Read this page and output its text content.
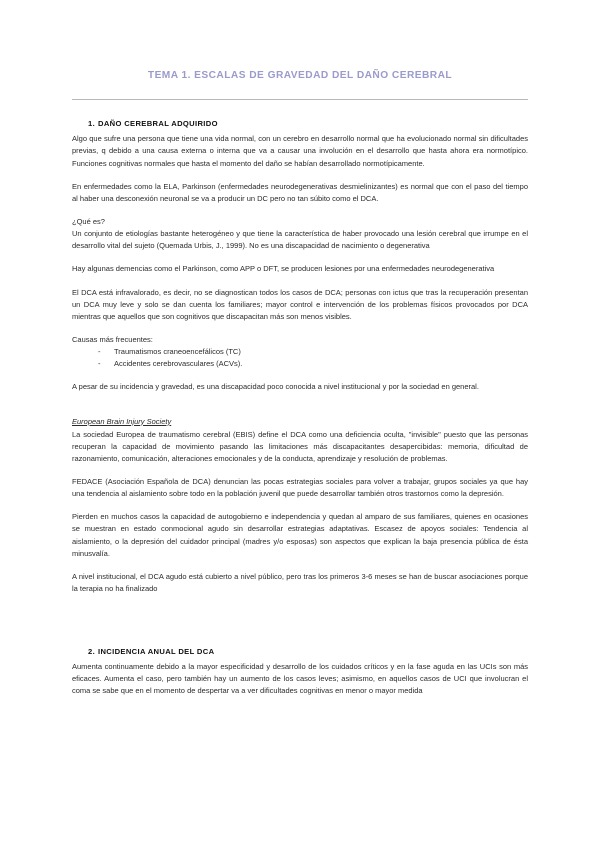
TEMA 1. ESCALAS DE GRAVEDAD DEL DAÑO CEREBRAL
1. DAÑO CEREBRAL ADQUIRIDO

Algo que sufre una persona que tiene una vida normal, con un cerebro en desarrollo normal que ha evolucionado normal sin dificultades previas, q debido a una causa externa o interna que va a causar una involución en el desarrollo que hasta ahora era normotípico. Funciones cognitivas normales que hasta el momento del daño se habían desarrollado normotípicamente.

En enfermedades como la ELA, Parkinson (enfermedades neurodegenerativas desmielinizantes) es normal que con el paso del tiempo al haber una desconexión neuronal se va a producir un DC pero no tan súbito como el DCA.

¿Qué es?

Un conjunto de etiologías bastante heterogéneo y que tiene la característica de haber provocado una lesión cerebral que irrumpe en el desarrollo vital del sujeto (Quemada Urbis, J., 1999). No es una discapacidad de nacimiento o degenerativa

Hay algunas demencias como el Parkinson, como APP o DFT, se producen lesiones por una enfermedades neurodegenerativa

El DCA está infravalorado, es decir, no se diagnostican todos los casos de DCA; personas con ictus que tras la recuperación presentan un DCA muy leve y solo se dan cuenta los familiares; mayor control e intervención de los problemas físicos provocados por DCA mientras que aquellos que son cognitivos que discapacitan más son menos visibles.

Causas más frecuentes:

-	Traumatismos craneoencefálicos (TC)
-	Accidentes cerebrovasculares (ACVs).

A pesar de su incidencia y gravedad, es una discapacidad poco conocida a nivel institucional y por la sociedad en general.

European Brain Injury Society

La sociedad Europea de traumatismo cerebral (EBIS) define el DCA como una deficiencia oculta, "invisible" puesto que las personas recuperan la capacidad de movimiento pasando las limitaciones más discapacitantes desapercibidas: memoria, dificultad de razonamiento, comunicación, alteraciones emocionales y de la conducta, aprendizaje y resolución de problemas.

FEDACE (Asociación Española de DCA) denuncian las pocas estrategias sociales para volver a trabajar, grupos sociales ya que hay una tendencia al aislamiento sobre todo en la población juvenil que puede desarrollar también otros trastornos como la depresión.

Pierden en muchos casos la capacidad de autogobierno e independencia y quedan al amparo de sus familiares, quienes en ocasiones se muestran en estado conmocional agudo sin desarrollar estrategias adaptativas. Escasez de apoyos sociales: Tendencia al aislamiento, o la depresión del cuidador principal (madres y/o esposas) son aspectos que explican la baja presencia pública de ésta minusvalía.

A nivel institucional, el DCA agudo está cubierto a nivel público, pero tras los primeros 3-6 meses se han de buscar asociaciones porque la terapia no ha finalizado

2. INCIDENCIA ANUAL DEL DCA

Aumenta continuamente debido a la mayor especificidad y desarrollo de los cuidados críticos y en la fase aguda en las UCIs son más eficaces. Aumenta el caso, pero también hay un aumento de los casos leves; asimismo, en aquellos casos de UCI que involucran el coma se sabe que en el momento de despertar va a ver dificultades cognitivas en menor o mayor medida
